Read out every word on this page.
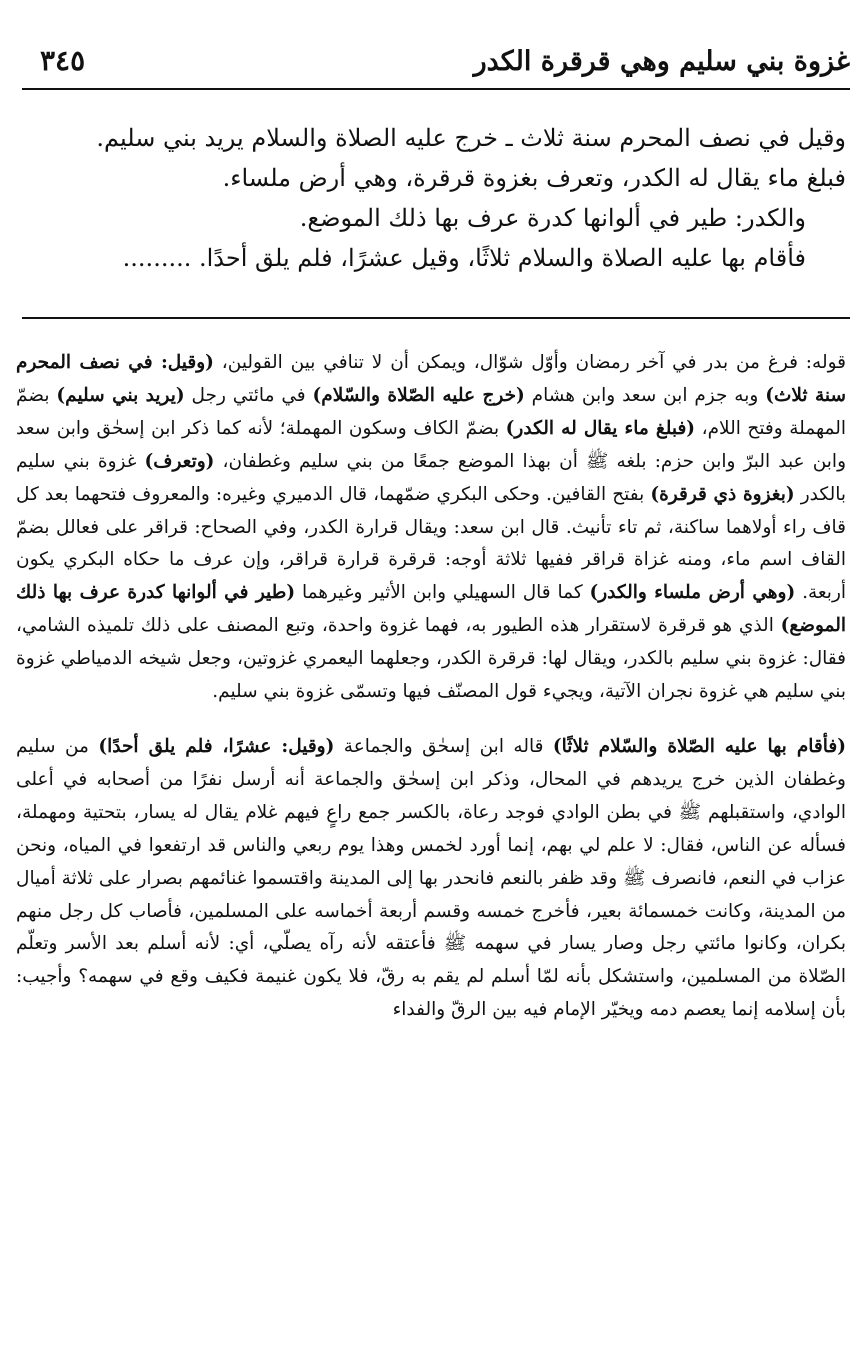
غزوة بني سليم وهي قرقرة الكدر
٣٤٥

وقيل في نصف المحرم سنة ثلاث ـ خرج عليه الصلاة والسلام يريد بني سليم.

فبلغ ماء يقال له الكدر، وتعرف بغزوة قرقرة، وهي أرض ملساء.

والكدر: طير في ألوانها كدرة عرف بها ذلك الموضع.

فأقام بها عليه الصلاة والسلام ثلاثًا، وقيل عشرًا، فلم يلق أحدًا. .........

قوله: فرغ من بدر في آخر رمضان وأوّل شوّال، ويمكن أن لا تنافي بين القولين، (وقيل: في نصف المحرم سنة ثلاث) وبه جزم ابن سعد وابن هشام (خرج عليه الصّلاة والسّلام) في مائتي رجل (يريد بني سليم) بضمّ المهملة وفتح اللام، (فبلغ ماء يقال له الكدر) بضمّ الكاف وسكون المهملة؛ لأنه كما ذكر ابن إسحٰق وابن سعد وابن عبد البرّ وابن حزم: بلغه ﷺ أن بهذا الموضع جمعًا من بني سليم وغطفان، (وتعرف) غزوة بني سليم بالكدر (بغزوة ذي قرقرة) بفتح القافين. وحكى البكري ضمّهما، قال الدميري وغيره: والمعروف فتحهما بعد كل قاف راء أولاهما ساكنة، ثم تاء تأنيث. قال ابن سعد: ويقال قرارة الكدر، وفي الصحاح: قراقر على فعالل بضمّ القاف اسم ماء، ومنه غزاة قراقر ففيها ثلاثة أوجه: قرقرة قرارة قراقر، وإن عرف ما حكاه البكري يكون أربعة. (وهي أرض ملساء والكدر) كما قال السهيلي وابن الأثير وغيرهما (طير في ألوانها كدرة عرف بها ذلك الموضع) الذي هو قرقرة لاستقرار هذه الطيور به، فهما غزوة واحدة، وتبع المصنف على ذلك تلميذه الشامي، فقال: غزوة بني سليم بالكدر، ويقال لها: قرقرة الكدر، وجعلهما اليعمري غزوتين، وجعل شيخه الدمياطي غزوة بني سليم هي غزوة نجران الآتية، ويجيء قول المصنّف فيها وتسمّى غزوة بني سليم.

(فأقام بها عليه الصّلاة والسّلام ثلاثًا) قاله ابن إسحٰق والجماعة (وقيل: عشرًا، فلم يلق أحدًا) من سليم وغطفان الذين خرج يريدهم في المحال، وذكر ابن إسحٰق والجماعة أنه أرسل نفرًا من أصحابه في أعلى الوادي، واستقبلهم ﷺ في بطن الوادي فوجد رعاة، بالكسر جمع راعٍ فيهم غلام يقال له يسار، بتحتية ومهملة، فسأله عن الناس، فقال: لا علم لي بهم، إنما أورد لخمس وهذا يوم ربعي والناس قد ارتفعوا في المياه، ونحن عزاب في النعم، فانصرف ﷺ وقد ظفر بالنعم فانحدر بها إلى المدينة واقتسموا غنائمهم بصرار على ثلاثة أميال من المدينة، وكانت خمسمائة بعير، فأخرج خمسه وقسم أربعة أخماسه على المسلمين، فأصاب كل رجل منهم بكران، وكانوا مائتي رجل وصار يسار في سهمه ﷺ فأعتقه لأنه رآه يصلّي، أي: لأنه أسلم بعد الأسر وتعلّم الصّلاة من المسلمين، واستشكل بأنه لمّا أسلم لم يقم به رقّ، فلا يكون غنيمة فكيف وقع في سهمه؟ وأجيب: بأن إسلامه إنما يعصم دمه ويخيّر الإمام فيه بين الرقّ والفداء
